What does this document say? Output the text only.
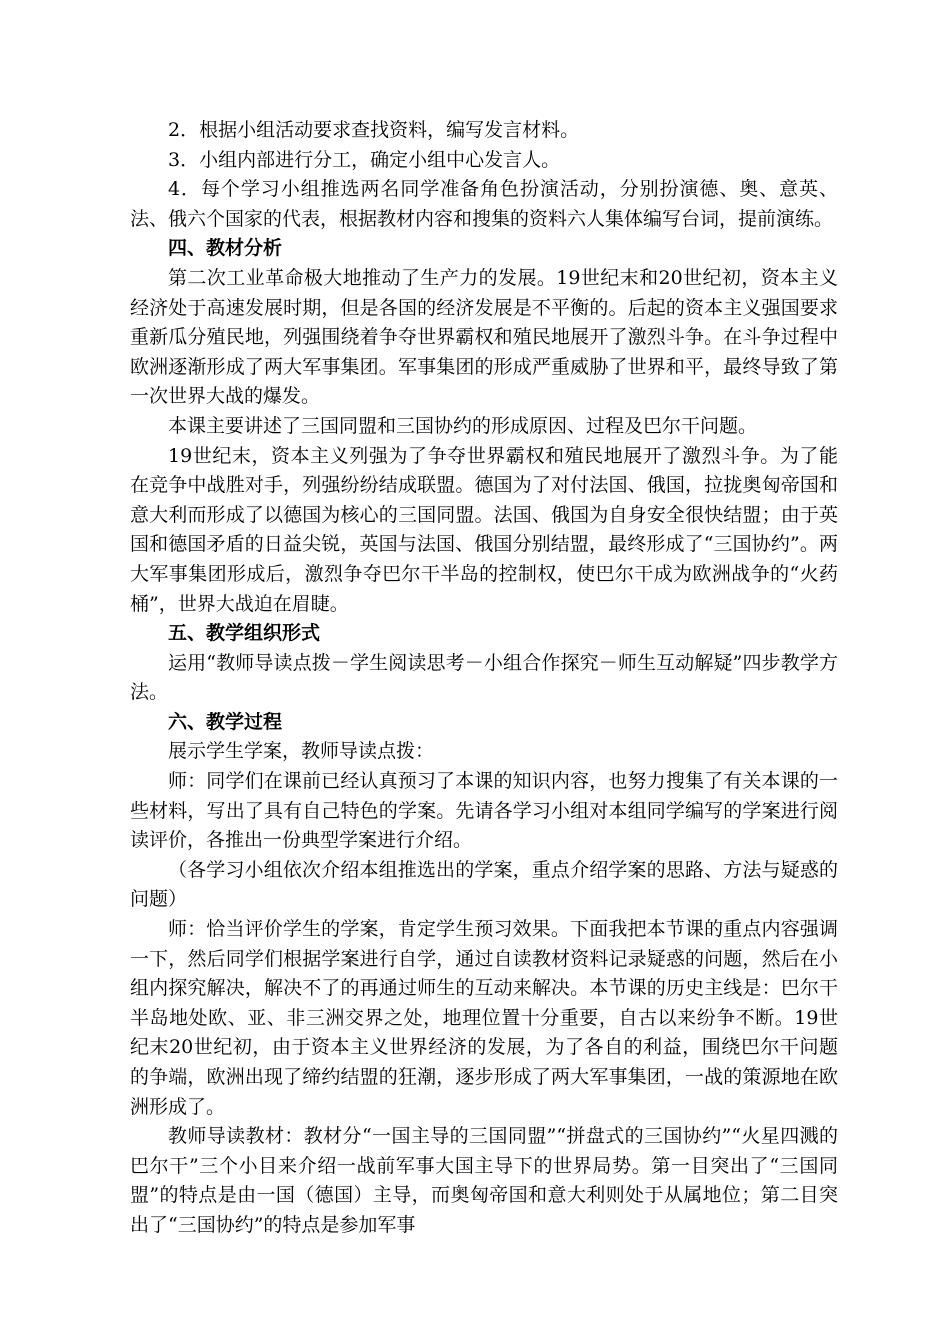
2．根据小组活动要求查找资料，编写发言材料。

3．小组内部进行分工，确定小组中心发言人。

4．每个学习小组推选两名同学准备角色扮演活动，分别扮演德、奥、意英、法、俄六个国家的代表，根据教材内容和搜集的资料六人集体编写台词，提前演练。

四、教材分析

第二次工业革命极大地推动了生产力的发展。19世纪末和20世纪初，资本主义经济处于高速发展时期，但是各国的经济发展是不平衡的。后起的资本主义强国要求重新瓜分殖民地，列强围绕着争夺世界霸权和殖民地展开了激烈斗争。在斗争过程中欧洲逐渐形成了两大军事集团。军事集团的形成严重威胁了世界和平，最终导致了第一次世界大战的爆发。

本课主要讲述了三国同盟和三国协约的形成原因、过程及巴尔干问题。

19世纪末，资本主义列强为了争夺世界霸权和殖民地展开了激烈斗争。为了能在竞争中战胜对手，列强纷纷结成联盟。德国为了对付法国、俄国，拉拢奥匈帝国和意大利而形成了以德国为核心的三国同盟。法国、俄国为自身安全很快结盟；由于英国和德国矛盾的日益尖锐，英国与法国、俄国分别结盟，最终形成了“三国协约”。两大军事集团形成后，激烈争夺巴尔干半岛的控制权，使巴尔干成为欧洲战争的“火药桶”，世界大战迫在眉睫。

五、教学组织形式

运用“教师导读点拨－学生阅读思考－小组合作探究－师生互动解疑”四步教学方法。

六、教学过程

展示学生学案，教师导读点拨：

师：同学们在课前已经认真预习了本课的知识内容，也努力搜集了有关本课的一些材料，写出了具有自己特色的学案。先请各学习小组对本组同学编写的学案进行阅读评价，各推出一份典型学案进行介绍。

（各学习小组依次介绍本组推选出的学案，重点介绍学案的思路、方法与疑惑的问题）

师：恰当评价学生的学案，肯定学生预习效果。下面我把本节课的重点内容强调一下，然后同学们根据学案进行自学，通过自读教材资料记录疑惑的问题，然后在小组内探究解决，解决不了的再通过师生的互动来解决。本节课的历史主线是：巴尔干半岛地处欧、亚、非三洲交界之处，地理位置十分重要，自古以来纷争不断。19世纪末20世纪初，由于资本主义世界经济的发展，为了各自的利益，围绕巴尔干问题的争端，欧洲出现了缔约结盟的狂潮，逐步形成了两大军事集团，一战的策源地在欧洲形成了。

教师导读教材：教材分“一国主导的三国同盟”“拼盘式的三国协约”“火星四溅的巴尔干”三个小目来介绍一战前军事大国主导下的世界局势。第一目突出了“三国同盟”的特点是由一国（德国）主导，而奥匈帝国和意大利则处于从属地位；第二目突出了“三国协约”的特点是参加军事
